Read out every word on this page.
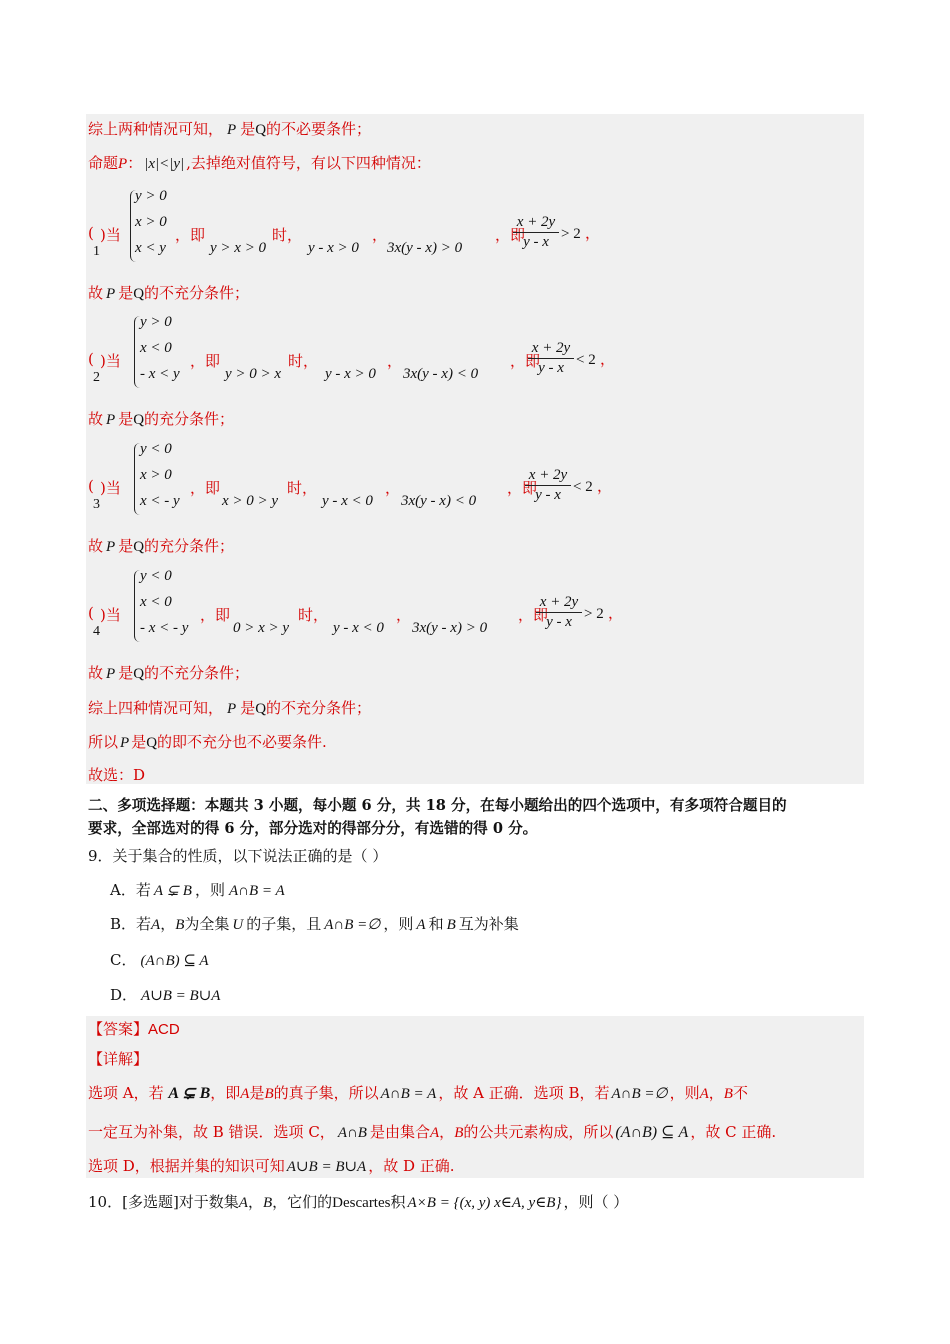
综上两种情况可知， P 是Q的不必要条件；
命题P： |x|<|y| ,去掉绝对值符号，有以下四种情况：
(
1
)当
y > 0
x > 0
x < y
，即
y > x > 0
时，
y - x > 0
，
3x(y - x) > 0
，即
x + 2y
y - x > 2 ，
故 P 是Q的不充分条件；
(
2
)当
y > 0
x < 0
- x < y
，即
y > 0 > x
时，
y - x > 0
，
3x(y - x) < 0
，即
x + 2y
y - x < 2 ，
故 P 是Q的充分条件；
(
3
)当
y < 0
x > 0
x < - y
，即
x > 0 > y
时，
y - x < 0
，
3x(y - x) < 0
，即
x + 2y
y - x < 2 ，
故 P 是Q的充分条件；
(
4
)当
y < 0
x < 0
- x < - y
，即
0 > x > y
时，
y - x < 0
，
3x(y - x) > 0
，即
x + 2y
y - x > 2 ，
故 P 是Q的不充分条件；
综上四种情况可知， P 是Q的不充分条件；
所以 P 是Q的即不充分也不必要条件.
故选：D
二、多项选择题：本题共 3 小题，每小题 6 分，共 18 分，在每小题给出的四个选项中，有多项符合题目的
要求，全部选对的得 6 分，部分选对的得部分分，有选错的得 0 分。
9．关于集合的性质，以下说法正确的是（ ）
A．若 A ⊊ B ，则 A∩B = A
B．若A，B为全集 U 的子集，且 A∩B =∅ ，则 A 和 B 互为补集
C． (A∩B) ⊆ A
D． A∪B = B∪A
【答案】ACD
【详解】
选项 A，若 A ⊊ B，即A是B的真子集，所以 A∩B = A ，故 A 正确．选项 B，若 A∩B =∅ ，则A，B不
一定互为补集，故 B 错误．选项 C， A∩B 是由集合A，B的公共元素构成，所以 (A∩B) ⊆ A ，故 C 正确.
选项 D，根据并集的知识可知 A∪B = B∪A ，故 D 正确.
10．[多选题]对于数集A，B，它们的Descartes积 A×B = {(x, y) x∈A, y∈B} ，则（ ）
